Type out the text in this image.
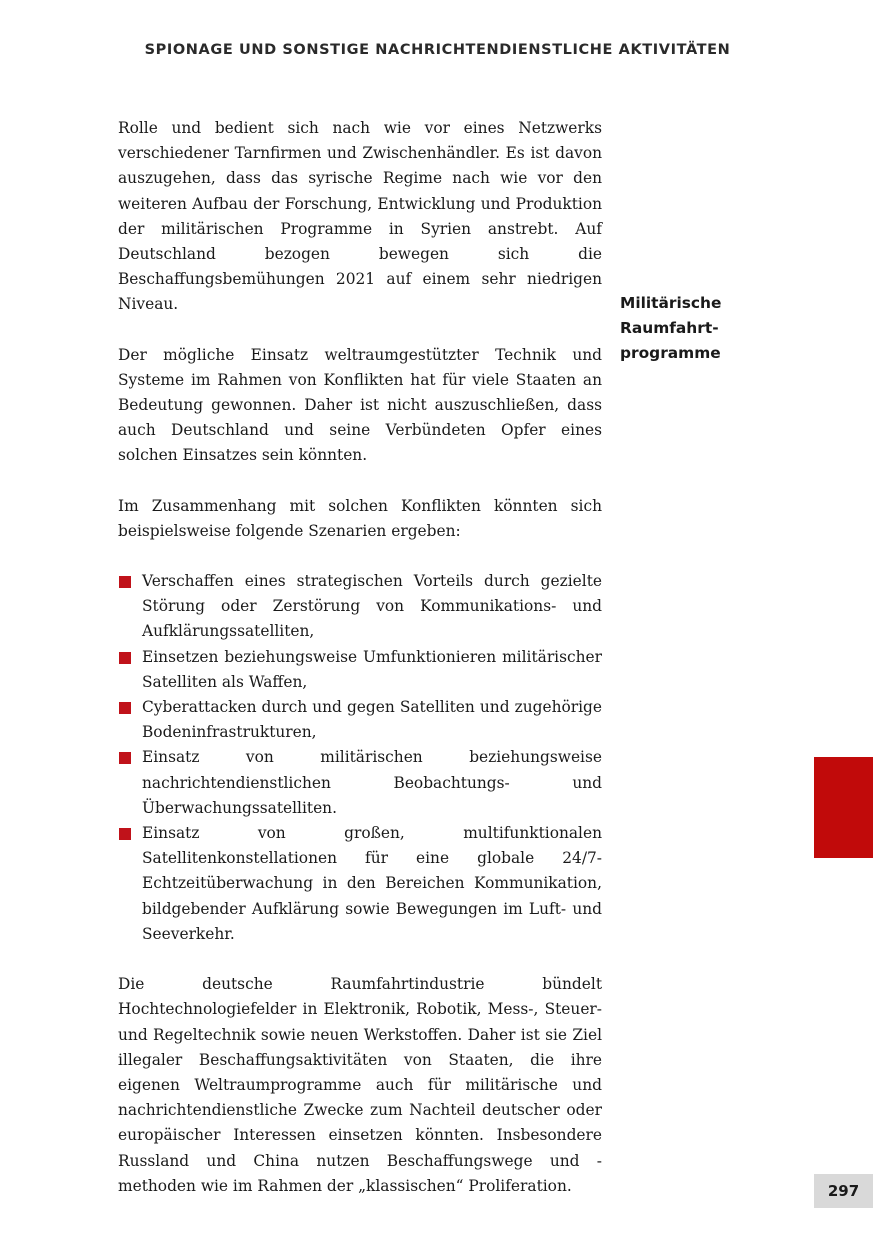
SPIONAGE UND SONSTIGE NACHRICHTENDIENSTLICHE AKTIVITÄTEN

Rolle und bedient sich nach wie vor eines Netzwerks verschiedener Tarnfirmen und Zwischenhändler. Es ist davon auszugehen, dass das syrische Regime nach wie vor den weiteren Aufbau der Forschung, Entwicklung und Produktion der militärischen Programme in Syrien anstrebt. Auf Deutschland bezogen bewegen sich die Beschaffungsbemühungen 2021 auf einem sehr niedrigen Niveau.

Der mögliche Einsatz weltraumgestützter Technik und Systeme im Rahmen von Konflikten hat für viele Staaten an Bedeutung gewonnen. Daher ist nicht auszuschließen, dass auch Deutschland und seine Verbündeten Opfer eines solchen Einsatzes sein könnten.

Im Zusammenhang mit solchen Konflikten könnten sich beispielsweise folgende Szenarien ergeben:

Verschaffen eines strategischen Vorteils durch gezielte Störung oder Zerstörung von Kommunikations- und Aufklärungssatelliten,
Einsetzen beziehungsweise Umfunktionieren militärischer Satelliten als Waffen,
Cyberattacken durch und gegen Satelliten und zugehörige Bodeninfrastrukturen,
Einsatz von militärischen beziehungsweise nachrichtendienstlichen Beobachtungs- und Überwachungssatelliten.
Einsatz von großen, multifunktionalen Satellitenkonstellationen für eine globale 24/7-Echtzeitüberwachung in den Bereichen Kommunikation, bildgebender Aufklärung sowie Bewegungen im Luft- und Seeverkehr.

Die deutsche Raumfahrtindustrie bündelt Hochtechnologiefelder in Elektronik, Robotik, Mess-, Steuer- und Regeltechnik sowie neuen Werkstoffen. Daher ist sie Ziel illegaler Beschaffungsaktivitäten von Staaten, die ihre eigenen Weltraumprogramme auch für militärische und nachrichtendienstliche Zwecke zum Nachteil deutscher oder europäischer Interessen einsetzen könnten. Insbesondere Russland und China nutzen Beschaffungswege und -methoden wie im Rahmen der „klassischen“ Proliferation.

Militärische Raumfahrtprogramme
297
